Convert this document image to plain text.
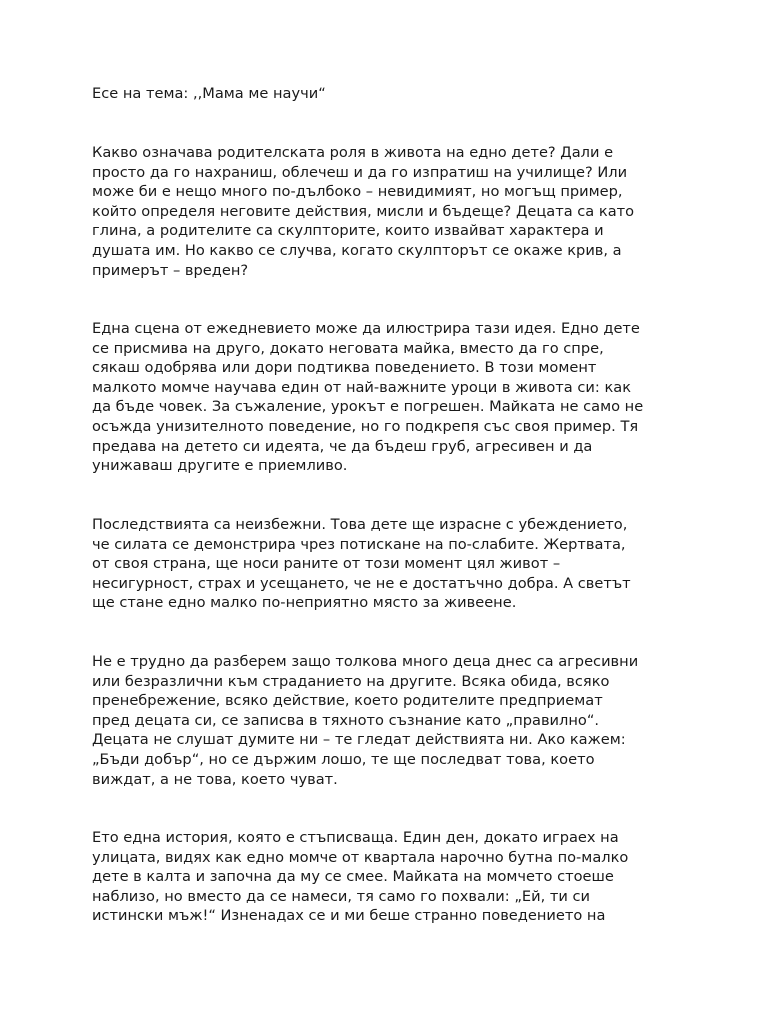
Есе на тема: ,,Мама ме научи“

Какво означава родителската роля в живота на едно дете? Дали е
просто да го нахраниш, облечеш и да го изпратиш на училище? Или
може би е нещо много по-дълбоко – невидимият, но могъщ пример,
който определя неговите действия, мисли и бъдеще? Децата са като
глина, а родителите са скулпторите, които извайват характера и
душата им. Но какво се случва, когато скулпторът се окаже крив, а
примерът – вреден?

Една сцена от ежедневието може да илюстрира тази идея. Едно дете
се присмива на друго, докато неговата майка, вместо да го спре,
сякаш одобрява или дори подтиква поведението. В този момент
малкото момче научава един от най-важните уроци в живота си: как
да бъде човек. За съжаление, урокът е погрешен. Майката не само не
осъжда унизителното поведение, но го подкрепя със своя пример. Тя
предава на детето си идеята, че да бъдеш груб, агресивен и да
унижаваш другите е приемливо.

Последствията са неизбежни. Това дете ще израсне с убеждението,
че силата се демонстрира чрез потискане на по-слабите. Жертвата,
от своя страна, ще носи раните от този момент цял живот –
несигурност, страх и усещането, че не е достатъчно добра. А светът
ще стане едно малко по-неприятно място за живеене.

Не е трудно да разберем защо толкова много деца днес са агресивни
или безразлични към страданието на другите. Всяка обида, всяко
пренебрежение, всяко действие, което родителите предприемат
пред децата си, се записва в тяхното съзнание като „правилно“.
Децата не слушат думите ни – те гледат действията ни. Ако кажем:
„Бъди добър“, но се държим лошо, те ще последват това, което
виждат, а не това, което чуват.

Ето една история, която е стъписваща. Един ден, докато играех на
улицата, видях как едно момче от квартала нарочно бутна по-малко
дете в калта и започна да му се смее. Майката на момчето стоеше
наблизо, но вместо да се намеси, тя само го похвали: „Ей, ти си
истински мъж!“ Изненадах се и ми беше странно поведението на
